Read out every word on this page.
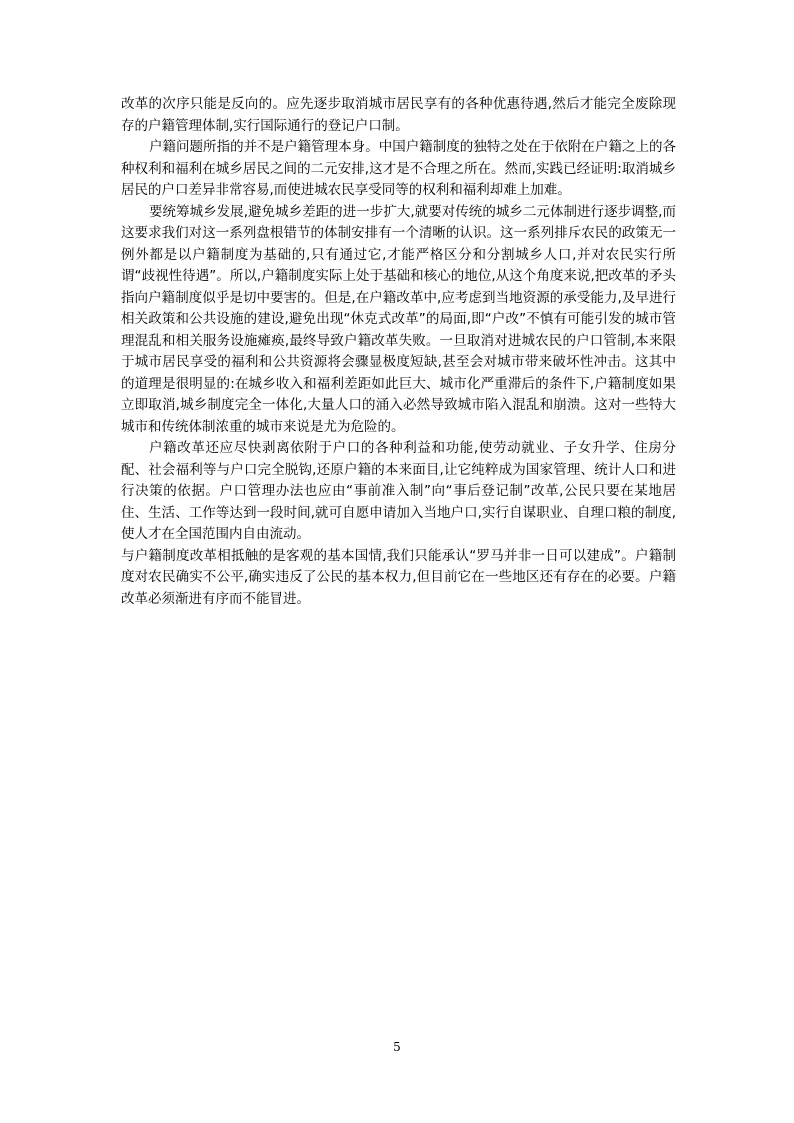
改革的次序只能是反向的。应先逐步取消城市居民享有的各种优惠待遇,然后才能完全废除现存的户籍管理体制,实行国际通行的登记户口制。

户籍问题所指的并不是户籍管理本身。中国户籍制度的独特之处在于依附在户籍之上的各种权利和福利在城乡居民之间的二元安排,这才是不合理之所在。然而,实践已经证明:取消城乡居民的户口差异非常容易,而使进城农民享受同等的权利和福利却难上加难。

要统筹城乡发展,避免城乡差距的进一步扩大,就要对传统的城乡二元体制进行逐步调整,而这要求我们对这一系列盘根错节的体制安排有一个清晰的认识。这一系列排斥农民的政策无一例外都是以户籍制度为基础的,只有通过它,才能严格区分和分割城乡人口,并对农民实行所谓“歧视性待遇”。所以,户籍制度实际上处于基础和核心的地位,从这个角度来说,把改革的矛头指向户籍制度似乎是切中要害的。但是,在户籍改革中,应考虑到当地资源的承受能力,及早进行相关政策和公共设施的建设,避免出现“休克式改革”的局面,即“户改”不慎有可能引发的城市管理混乱和相关服务设施瘫痪,最终导致户籍改革失败。一旦取消对进城农民的户口管制,本来限于城市居民享受的福利和公共资源将会骤显极度短缺,甚至会对城市带来破坏性冲击。这其中的道理是很明显的:在城乡收入和福利差距如此巨大、城市化严重滞后的条件下,户籍制度如果立即取消,城乡制度完全一体化,大量人口的涌入必然导致城市陷入混乱和崩溃。这对一些特大城市和传统体制浓重的城市来说是尤为危险的。

户籍改革还应尽快剥离依附于户口的各种利益和功能,使劳动就业、子女升学、住房分配、社会福利等与户口完全脱钩,还原户籍的本来面目,让它纯粹成为国家管理、统计人口和进行决策的依据。户口管理办法也应由“事前准入制”向“事后登记制”改革,公民只要在某地居住、生活、工作等达到一段时间,就可自愿申请加入当地户口,实行自谋职业、自理口粮的制度,使人才在全国范围内自由流动。

与户籍制度改革相抵触的是客观的基本国情,我们只能承认“罗马并非一日可以建成”。户籍制度对农民确实不公平,确实违反了公民的基本权力,但目前它在一些地区还有存在的必要。户籍改革必须渐进有序而不能冒进。

5
